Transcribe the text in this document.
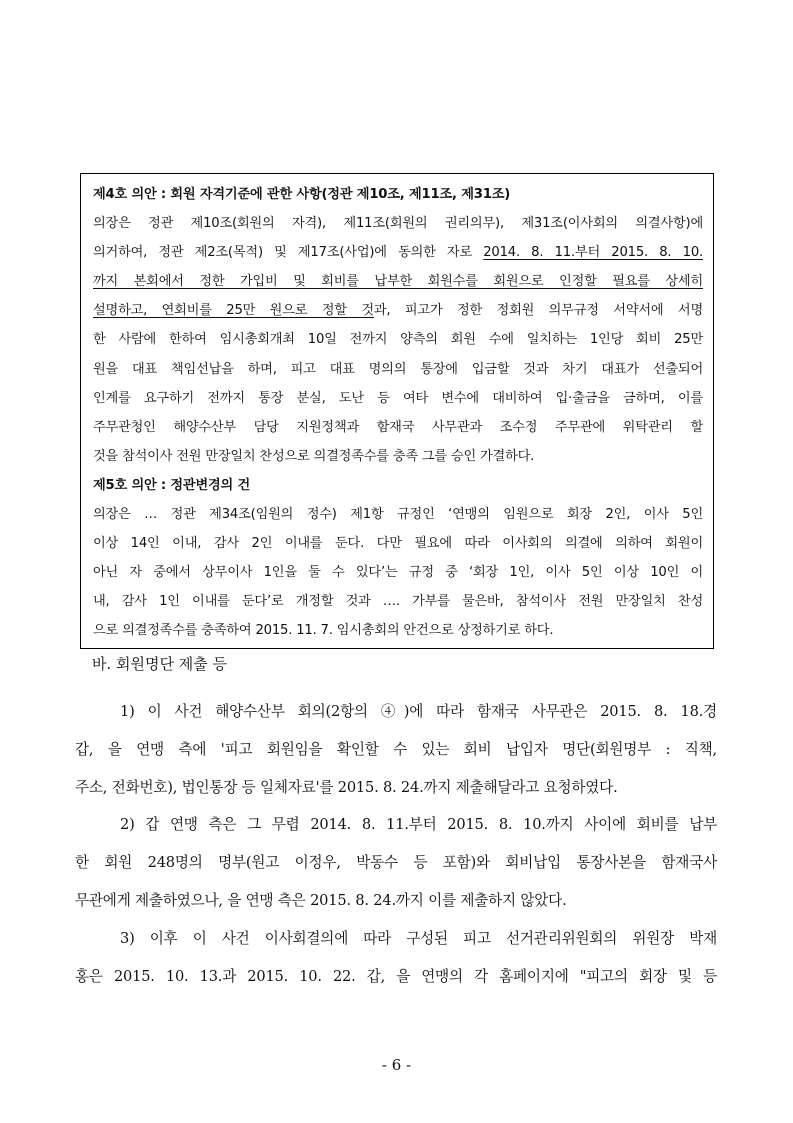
제4호 의안 : 회원 자격기준에 관한 사항(정관 제10조, 제11조, 제31조)

의장은 정관 제10조(회원의 자격), 제11조(회원의 권리의무), 제31조(이사회의 의결사항)에

의거하여, 정관 제2조(목적) 및 제17조(사업)에 동의한 자로 2014. 8. 11.부터 2015. 8. 10.

까지 본회에서 정한 가입비 및 회비를 납부한 회원수를 회원으로 인정할 필요를 상세히

설명하고, 연회비를 25만 원으로 정할 것과, 피고가 정한 정회원 의무규정 서약서에 서명

한 사람에 한하여 임시총회개최 10일 전까지 양측의 회원 수에 일치하는 1인당 회비 25만

원을 대표 책임선납을 하며, 피고 대표 명의의 통장에 입금할 것과 차기 대표가 선출되어

인계를 요구하기 전까지 통장 분실, 도난 등 여타 변수에 대비하여 입·출금을 금하며, 이를

주무관청인 해양수산부 담당 지원정책과 함재국 사무관과 조수정 주무관에 위탁관리 할

것을 참석이사 전원 만장일치 찬성으로 의결정족수를 충족 그를 승인 가결하다.

제5호 의안 : 정관변경의 건

의장은 … 정관 제34조(임원의 정수) 제1항 규정인 ‘연맹의 임원으로 회장 2인, 이사 5인

이상 14인 이내, 감사 2인 이내를 둔다. 다만 필요에 따라 이사회의 의결에 의하여 회원이

아닌 자 중에서 상무이사 1인을 둘 수 있다’는 규정 중 ‘회장 1인, 이사 5인 이상 10인 이

내, 감사 1인 이내를 둔다’로 개정할 것과 …. 가부를 물은바, 참석이사 전원 만장일치 찬성

으로 의결정족수를 충족하여 2015. 11. 7. 임시총회의 안건으로 상정하기로 하다.

바. 회원명단 제출 등

1) 이 사건 해양수산부 회의(2항의 ④)에 따라 함재국 사무관은 2015. 8. 18.경

갑, 을 연맹 측에 '피고 회원임을 확인할 수 있는 회비 납입자 명단(회원명부 : 직책,

주소, 전화번호), 법인통장 등 일체자료'를 2015. 8. 24.까지 제출해달라고 요청하였다.

2) 갑 연맹 측은 그 무렵 2014. 8. 11.부터 2015. 8. 10.까지 사이에 회비를 납부

한 회원 248명의 명부(원고 이정우, 박동수 등 포함)와 회비납입 통장사본을 함재국사

무관에게 제출하였으나, 을 연맹 측은 2015. 8. 24.까지 이를 제출하지 않았다.

3) 이후 이 사건 이사회결의에 따라 구성된 피고 선거관리위원회의 위원장 박재

홍은 2015. 10. 13.과 2015. 10. 22. 갑, 을 연맹의 각 홈페이지에 "피고의 회장 및 등

- 6 -
